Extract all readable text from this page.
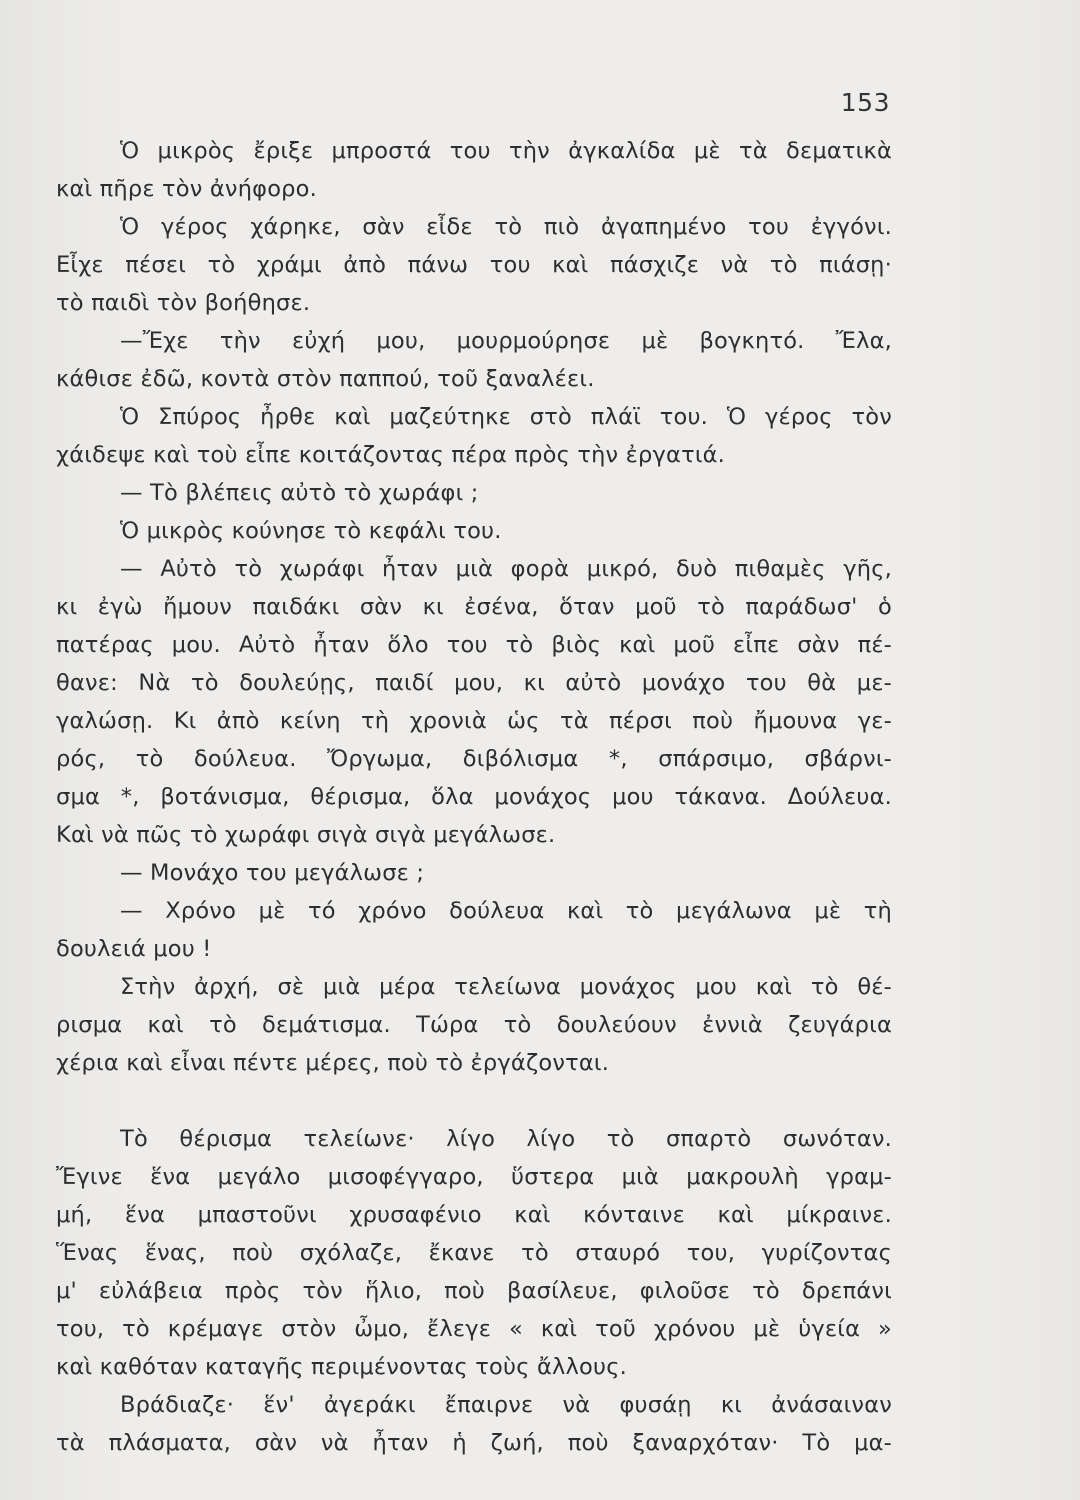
153
Ὁ μικρὸς ἔριξε μπροστά του τὴν ἀγκαλίδα μὲ τὰ δεματικὰ
καὶ πῆρε τὸν ἀνήφορο.
Ὁ γέρος χάρηκε, σὰν εἶδε τὸ πιὸ ἀγαπημένο του ἐγγόνι.
Εἶχε πέσει τὸ χράμι ἀπὸ πάνω του καὶ πάσχιζε νὰ τὸ πιάσῃ·
τὸ παιδὶ τὸν βοήθησε.
—Ἔχε τὴν εὐχή μου, μουρμούρησε μὲ βογκητό. Ἔλα,
κάθισε ἐδῶ, κοντὰ στὸν παππού, τοῦ ξαναλέει.
Ὁ Σπύρος ἦρθε καὶ μαζεύτηκε στὸ πλάϊ του. Ὁ γέρος τὸν
χάιδεψε καὶ τοὺ εἶπε κοιτάζοντας πέρα πρὸς τὴν ἐργατιά.
— Τὸ βλέπεις αὐτὸ τὸ χωράφι ;
Ὁ μικρὸς κούνησε τὸ κεφάλι του.
— Αὐτὸ τὸ χωράφι ἦταν μιὰ φορὰ μικρό, δυὸ πιθαμὲς γῆς,
κι ἐγὼ ἤμουν παιδάκι σὰν κι ἐσένα, ὅταν μοῦ τὸ παράδωσ' ὁ
πατέρας μου. Αὐτὸ ἦταν ὅλο του τὸ βιὸς καὶ μοῦ εἶπε σὰν πέ-
θανε: Νὰ τὸ δουλεύῃς, παιδί μου, κι αὐτὸ μονάχο του θὰ με-
γαλώσῃ. Κι ἀπὸ κείνη τὴ χρονιὰ ὡς τὰ πέρσι ποὺ ἤμουνα γε-
ρός, τὸ δούλευα. Ὄργωμα, διβόλισμα *, σπάρσιμο, σβάρνι-
σμα *, βοτάνισμα, θέρισμα, ὅλα μονάχος μου τάκανα. Δούλευα.
Καὶ νὰ πῶς τὸ χωράφι σιγὰ σιγὰ μεγάλωσε.
— Μονάχο του μεγάλωσε ;
— Χρόνο μὲ τό χρόνο δούλευα καὶ τὸ μεγάλωνα μὲ τὴ
δουλειά μου !
Στὴν ἀρχή, σὲ μιὰ μέρα τελείωνα μονάχος μου καὶ τὸ θέ-
ρισμα καὶ τὸ δεμάτισμα. Τώρα τὸ δουλεύουν ἐννιὰ ζευγάρια
χέρια καὶ εἶναι πέντε μέρες, ποὺ τὸ ἐργάζονται.
Τὸ θέρισμα τελείωνε· λίγο λίγο τὸ σπαρτὸ σωνόταν.
Ἔγινε ἕνα μεγάλο μισοφέγγαρο, ὕστερα μιὰ μακρουλὴ γραμ-
μή, ἕνα μπαστοῦνι χρυσαφένιο καὶ κόνταινε καὶ μίκραινε.
Ἕνας ἕνας, ποὺ σχόλαζε, ἔκανε τὸ σταυρό του, γυρίζοντας
μ' εὐλάβεια πρὸς τὸν ἥλιο, ποὺ βασίλευε, φιλοῦσε τὸ δρεπάνι
του, τὸ κρέμαγε στὸν ὦμο, ἔλεγε « καὶ τοῦ χρόνου μὲ ὑγεία »
καὶ καθόταν καταγῆς περιμένοντας τοὺς ἄλλους.
Βράδιαζε· ἕν' ἀγεράκι ἔπαιρνε νὰ φυσάῃ κι ἀνάσαιναν
τὰ πλάσματα, σὰν νὰ ἦταν ἡ ζωή, ποὺ ξαναρχόταν· Τὸ μα-
